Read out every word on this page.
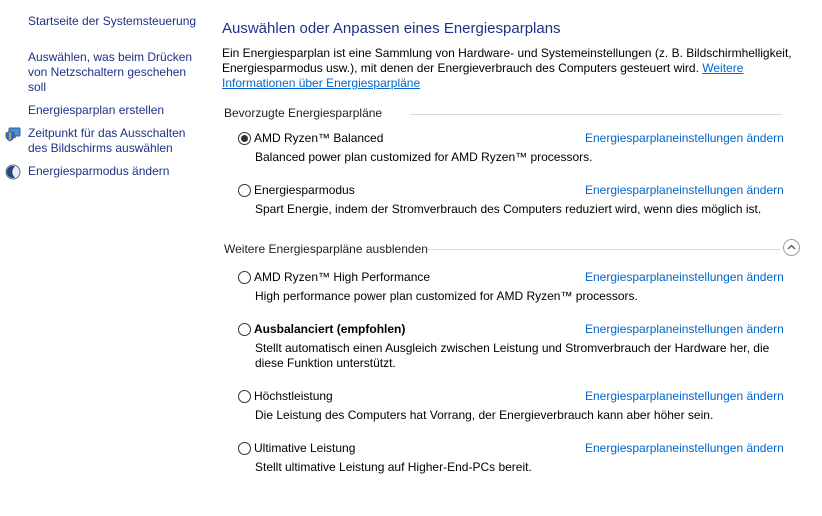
Startseite der Systemsteuerung
Auswählen, was beim Drücken von Netzschaltern geschehen soll
Energiesparplan erstellen
Zeitpunkt für das Ausschalten des Bildschirms auswählen
Energiesparmodus ändern
Auswählen oder Anpassen eines Energiesparplans
Ein Energiesparplan ist eine Sammlung von Hardware- und Systemeinstellungen (z. B. Bildschirmhelligkeit, Energiesparmodus usw.), mit denen der Energieverbrauch des Computers gesteuert wird. Weitere Informationen über Energiesparpläne
Bevorzugte Energiesparpläne
AMD Ryzen™ Balanced	Energiesparplaneinstellungen ändern
Balanced power plan customized for AMD Ryzen™ processors.
Energiesparmodus	Energiesparplaneinstellungen ändern
Spart Energie, indem der Stromverbrauch des Computers reduziert wird, wenn dies möglich ist.
Weitere Energiesparpläne ausblenden
AMD Ryzen™ High Performance	Energiesparplaneinstellungen ändern
High performance power plan customized for AMD Ryzen™ processors.
Ausbalanciert (empfohlen)	Energiesparplaneinstellungen ändern
Stellt automatisch einen Ausgleich zwischen Leistung und Stromverbrauch der Hardware her, die diese Funktion unterstützt.
Höchstleistung	Energiesparplaneinstellungen ändern
Die Leistung des Computers hat Vorrang, der Energieverbrauch kann aber höher sein.
Ultimative Leistung	Energiesparplaneinstellungen ändern
Stellt ultimative Leistung auf Higher-End-PCs bereit.
